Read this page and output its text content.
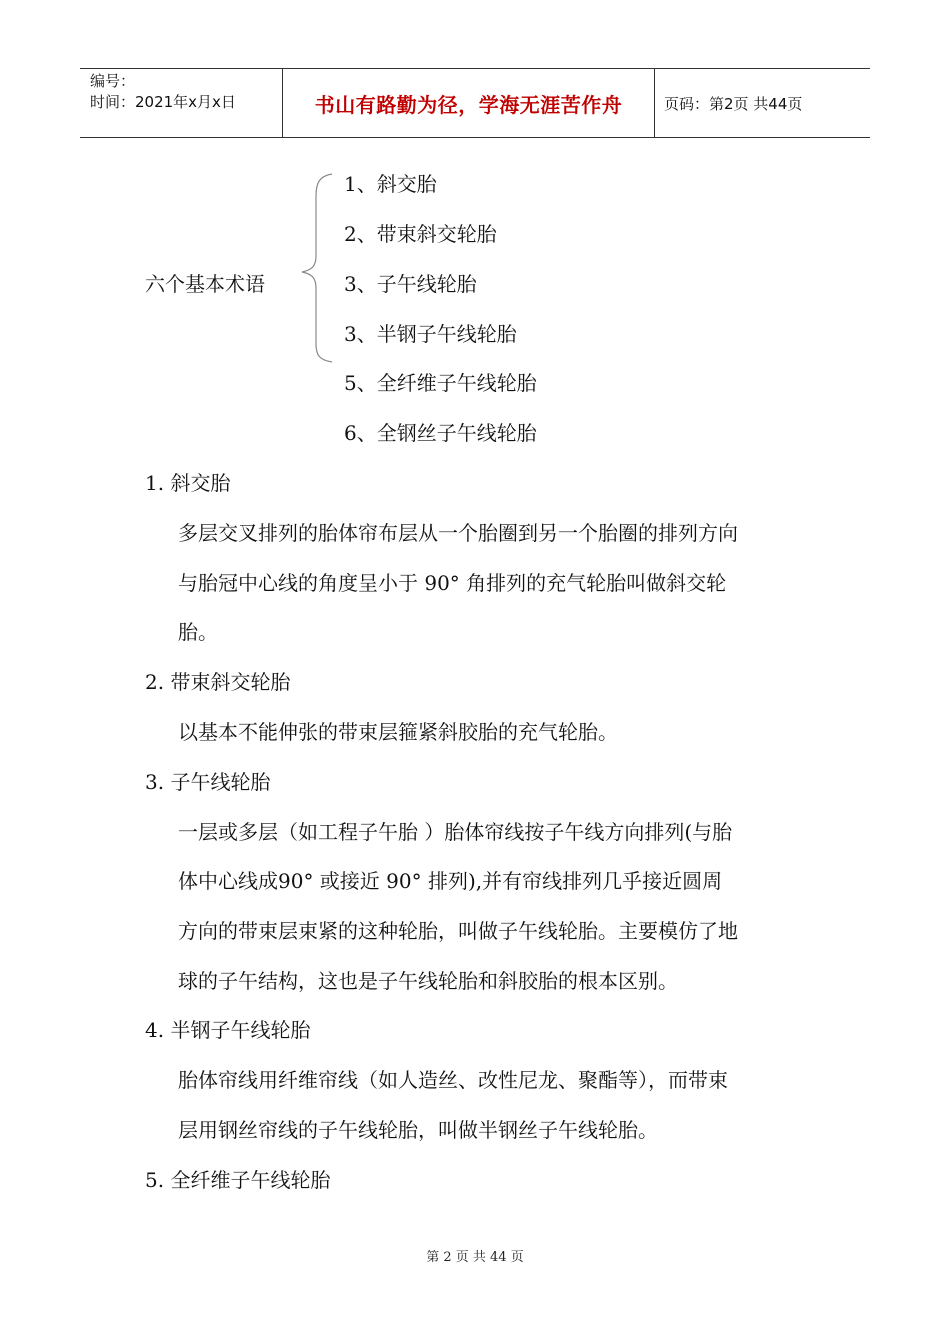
编号：
时间：2021年x月x日	书山有路勤为径，学海无涯苦作舟	页码：第2页 共44页
六个基本术语
1、斜交胎
2、带束斜交轮胎
3、子午线轮胎
3、半钢子午线轮胎
5、全纤维子午线轮胎
6、全钢丝子午线轮胎
1. 斜交胎
多层交叉排列的胎体帘布层从一个胎圈到另一个胎圈的排列方向
与胎冠中心线的角度呈小于 90° 角排列的充气轮胎叫做斜交轮
胎。
2. 带束斜交轮胎
以基本不能伸张的带束层箍紧斜胶胎的充气轮胎。
3. 子午线轮胎
一层或多层（如工程子午胎 ）胎体帘线按子午线方向排列(与胎
体中心线成90° 或接近 90° 排列),并有帘线排列几乎接近圆周
方向的带束层束紧的这种轮胎，叫做子午线轮胎。主要模仿了地
球的子午结构，这也是子午线轮胎和斜胶胎的根本区别。
4. 半钢子午线轮胎
胎体帘线用纤维帘线（如人造丝、改性尼龙、聚酯等），而带束
层用钢丝帘线的子午线轮胎，叫做半钢丝子午线轮胎。
5. 全纤维子午线轮胎
第 2 页 共 44 页
